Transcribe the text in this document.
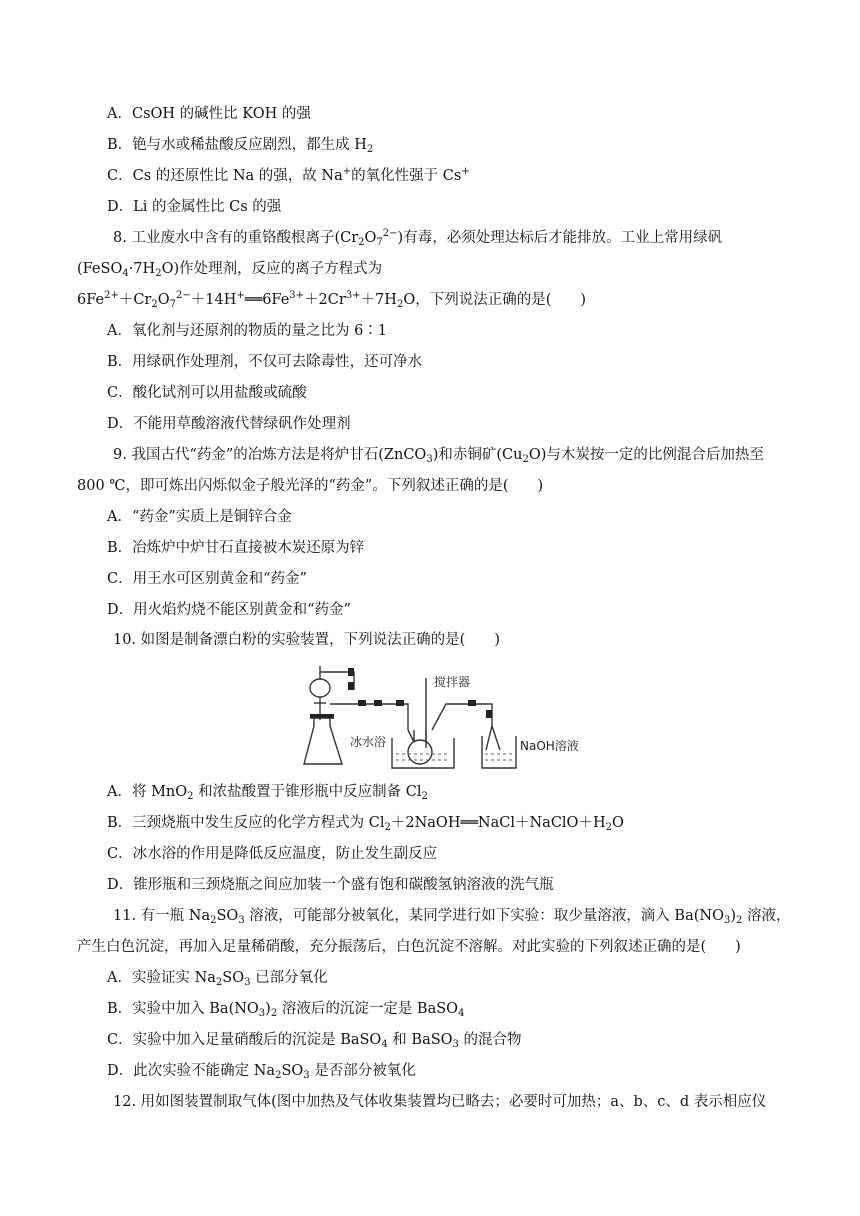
A．CsOH 的碱性比 KOH 的强
B．铯与水或稀盐酸反应剧烈，都生成 $H_2$
C．Cs 的还原性比 Na 的强，故 Na+的氧化性强于 Cs+
D．Li 的金属性比 Cs 的强
8. 工业废水中含有的重铬酸根离子$(Cr_2O_7^{2-})$有毒，必须处理达标后才能排放。工业上常用绿矾
$(FeSO_4\cdot 7H_2O)$作处理剂，反应的离子方程式为
$6Fe^{2+}+Cr_2O_7^{2-}+14H^+══6Fe^{3+}+2Cr^{3+}+7H_2O$，下列说法正确的是(　　)
A．氧化剂与还原剂的物质的量之比为 6∶1
B．用绿矾作处理剂，不仅可去除毒性，还可净水
C．酸化试剂可以用盐酸或硫酸
D．不能用草酸溶液代替绿矾作处理剂
9. 我国古代“药金”的冶炼方法是将炉甘石(ZnCO$_3$)和赤铜矿$(Cu_2O)$与木炭按一定的比例混合后加热至
800 ℃，即可炼出闪烁似金子般光泽的“药金”。下列叙述正确的是(　　)
A．“药金”实质上是铜锌合金
B．冶炼炉中炉甘石直接被木炭还原为锌
C．用王水可区别黄金和“药金”
D．用火焰灼烧不能区别黄金和“药金”
10. 如图是制备漂白粉的实验装置，下列说法正确的是(　　)
搅拌器
冰水浴	NaOH溶液
A．将 MnO$_2$ 和浓盐酸置于锥形瓶中反应制备 $Cl_2$
B．三颈烧瓶中发生反应的化学方程式为 $Cl_2+2NaOH══NaCl+NaClO+H_2O$
C．冰水浴的作用是降低反应温度，防止发生副反应
D．锥形瓶和三颈烧瓶之间应加装一个盛有饱和碳酸氢钠溶液的洗气瓶
11. 有一瓶 $Na_2SO_3$ 溶液，可能部分被氧化，某同学进行如下实验：取少量溶液，滴入 $Ba(NO_3)_2$ 溶液，
产生白色沉淀，再加入足量稀硝酸，充分振荡后，白色沉淀不溶解。对此实验的下列叙述正确的是(　　)
A．实验证实 $Na_2SO_3$ 已部分氧化
B．实验中加入 $Ba(NO_3)_2$ 溶液后的沉淀一定是 BaSO$_4$
C．实验中加入足量硝酸后的沉淀是 BaSO$_4$ 和 BaSO$_3$ 的混合物
D．此次实验不能确定 $Na_2SO_3$ 是否部分被氧化
12. 用如图装置制取气体(图中加热及气体收集装置均已略去；必要时可加热；a、b、c、d 表示相应仪
